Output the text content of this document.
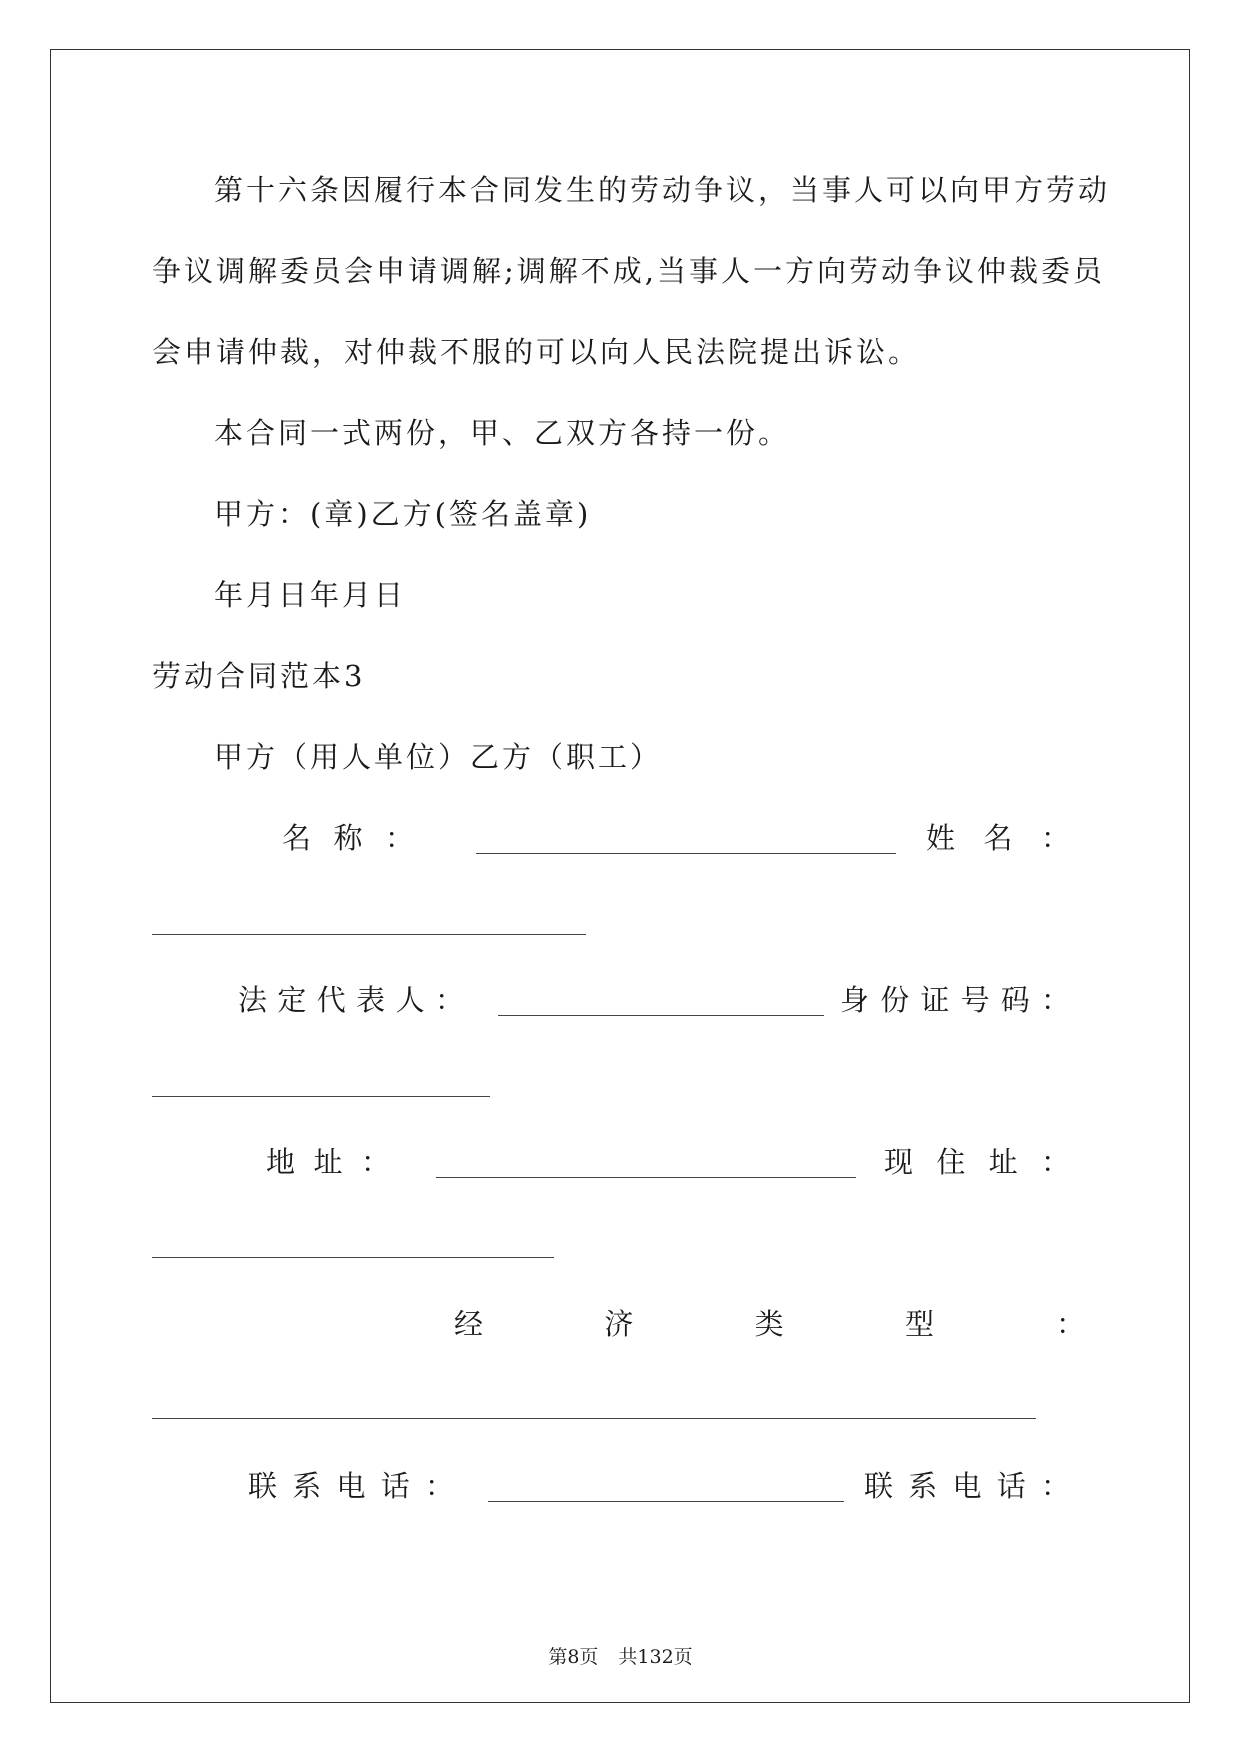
第十六条因履行本合同发生的劳动争议，当事人可以向甲方劳动
争议调解委员会申请调解;调解不成,当事人一方向劳动争议仲裁委员
会申请仲裁，对仲裁不服的可以向人民法院提出诉讼。
本合同一式两份，甲、乙双方各持一份。
甲方：(章)乙方(签名盖章)
年月日年月日
劳动合同范本3
甲方（用人单位）乙方（职工）
名 称 ：	姓 名 ：
法 定 代 表 人 ：	身 份 证 号 码 ：
地 址 ：	现 住 址 ：
经	济	类	型	：
联 系 电 话 ：	联 系 电 话 ：
第8页 共132页
